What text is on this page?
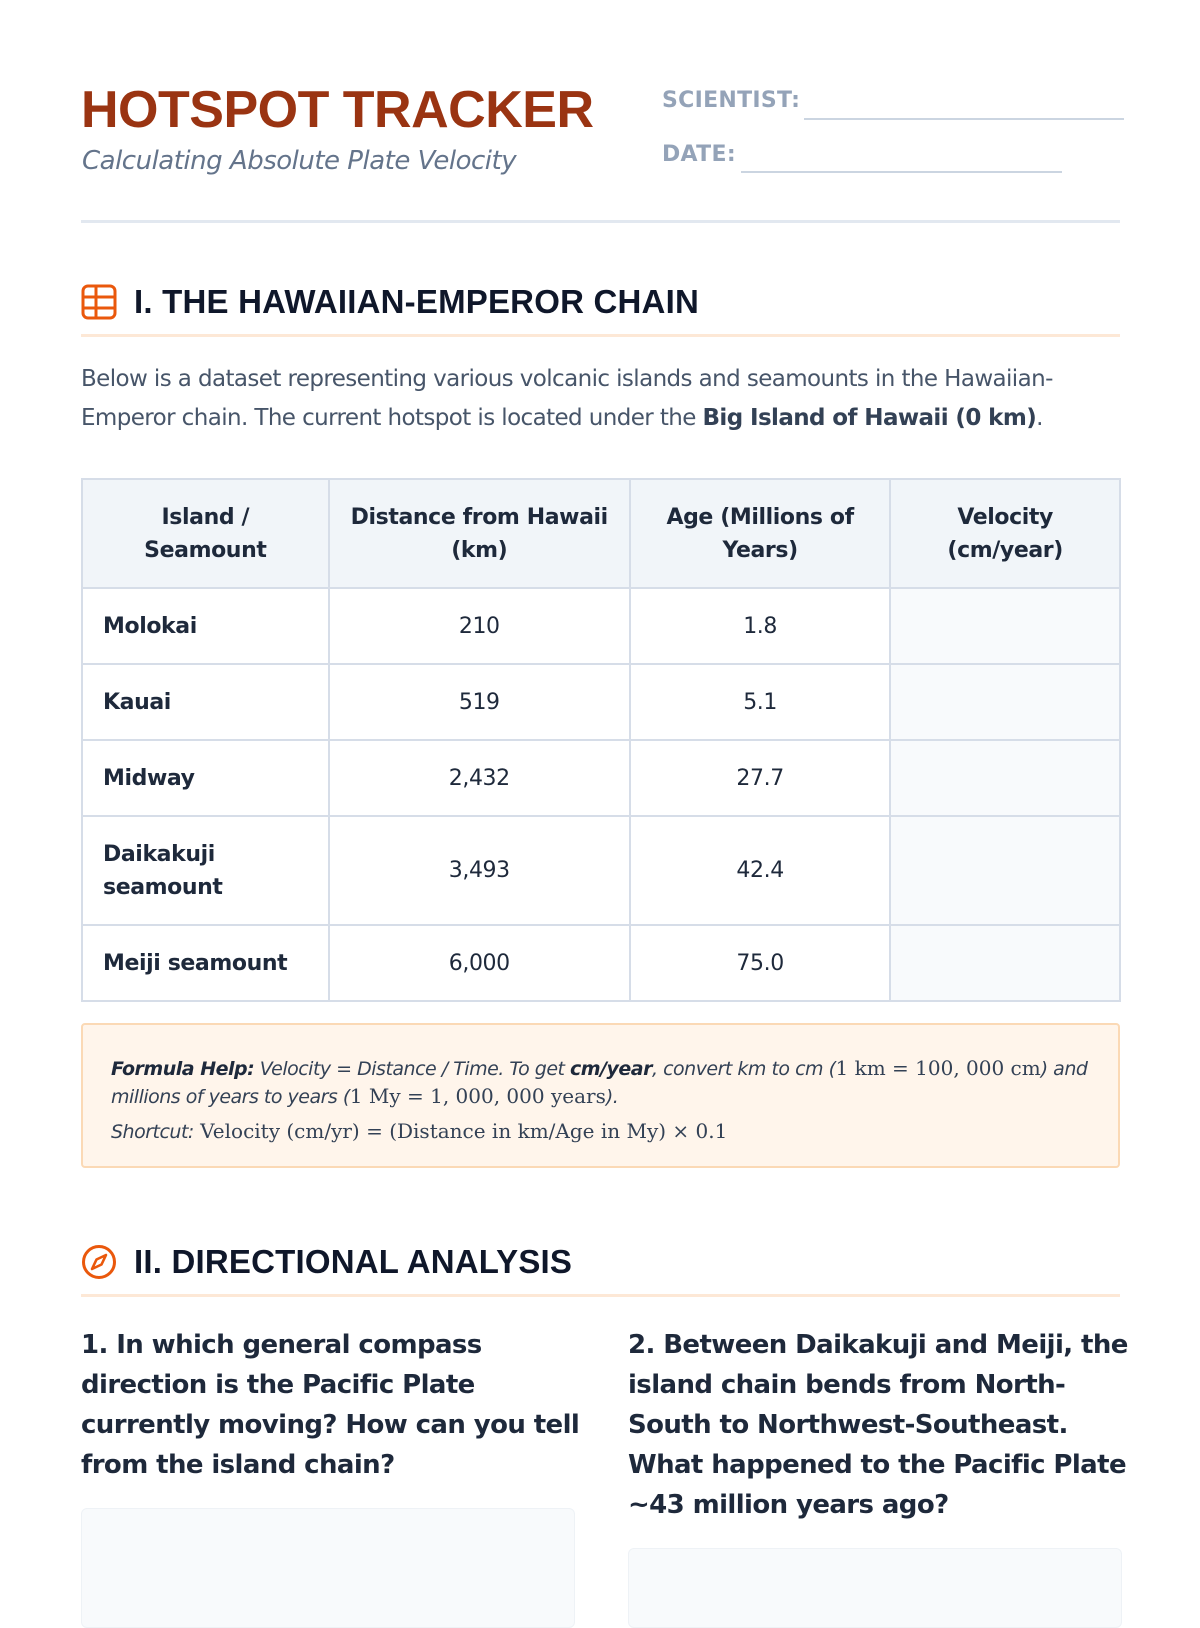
HOTSPOT TRACKER

Calculating Absolute Plate Velocity

SCIENTIST:
DATE:
I. THE HAWAIIAN-EMPEROR CHAIN

Below is a dataset representing various volcanic islands and seamounts in the Hawaiian-Emperor chain. The current hotspot is located under the Big Island of Hawaii (0 km).

Island / Seamount	Distance from Hawaii (km)	Age (Millions of Years)	Velocity (cm/year)
Molokai	210	1.8	
Kauai	519	5.1	
Midway	2,432	27.7	
Daikakuji seamount	3,493	42.4	
Meiji seamount	6,000	75.0	
Formula Help: Velocity = Distance / Time. To get cm/year, convert km to cm (1 km = 100, 000 cm) and
millions of years to years (1 My = 1, 000, 000 years).
Shortcut: Velocity (cm/yr) = (Distance in km/Age in My) × 0.1
II. DIRECTIONAL ANALYSIS

1. In which general compass direction is the Pacific Plate currently moving? How can you tell from the island chain?

2. Between Daikakuji and Meiji, the island chain bends from North-South to Northwest-Southeast. What happened to the Pacific Plate ~43 million years ago?
